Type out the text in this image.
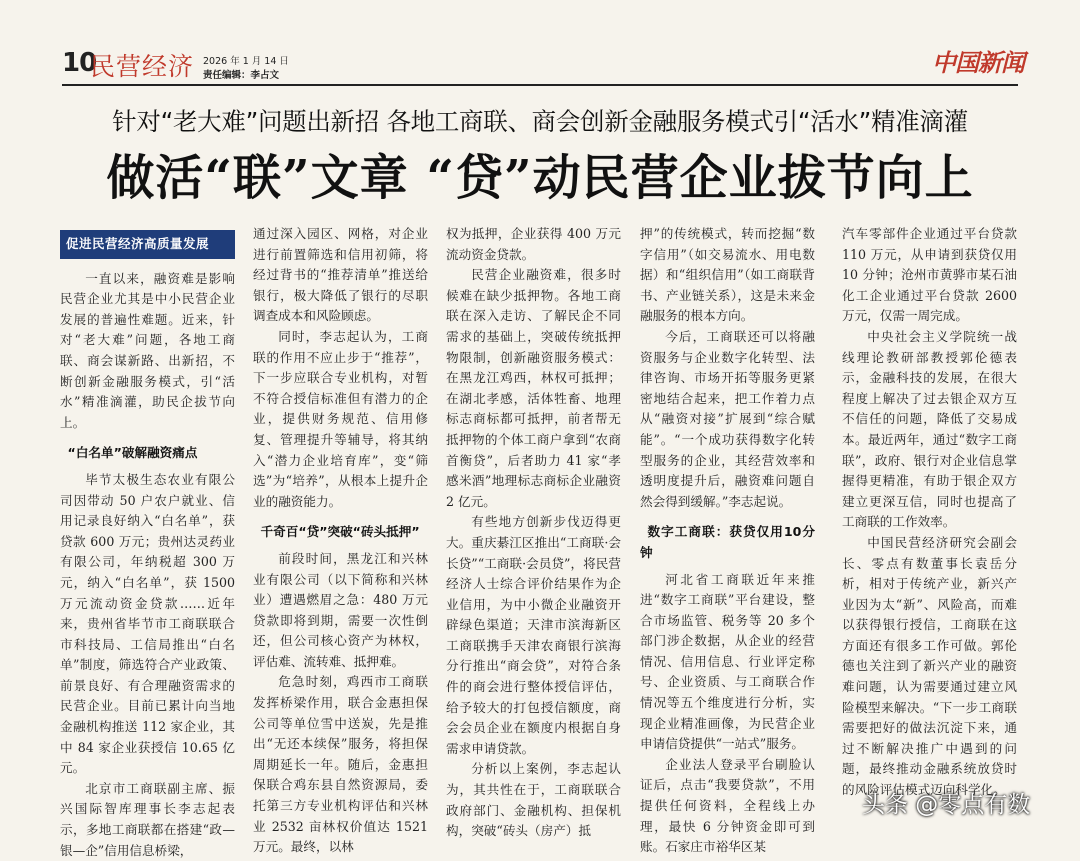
10
民营经济 2026 年 1 月 14 日
责任编辑：李占文	中国新闻
针对“老大难”问题出新招 各地工商联、商会创新金融服务模式引“活水”精准滴灌
做活“联”文章 “贷”动民营企业拔节向上
促进民营经济高质量发展

一直以来，融资难是影响民营企业尤其是中小民营企业发展的普遍性难题。近来，针对“老大难”问题，各地工商联、商会谋新路、出新招，不断创新金融服务模式，引“活水”精准滴灌，助民企拔节向上。

“白名单”破解融资痛点

毕节太极生态农业有限公司因带动 50 户农户就业、信用记录良好纳入“白名单”，获贷款 600 万元；贵州达灵药业有限公司，年纳税超 300 万元，纳入“白名单”，获 1500 万元流动资金贷款……近年来，贵州省毕节市工商联联合市科技局、工信局推出“白名单”制度，筛选符合产业政策、前景良好、有合理融资需求的民营企业。目前已累计向当地金融机构推送 112 家企业，其中 84 家企业获授信 10.65 亿元。

北京市工商联副主席、振兴国际智库理事长李志起表示，多地工商联都在搭建“政—银—企”信用信息桥梁，

通过深入园区、网格，对企业进行前置筛选和信用初筛，将经过背书的“推荐清单”推送给银行，极大降低了银行的尽职调查成本和风险顾虑。

同时，李志起认为，工商联的作用不应止步于“推荐”，下一步应联合专业机构，对暂不符合授信标准但有潜力的企业，提供财务规范、信用修复、管理提升等辅导，将其纳入“潜力企业培育库”，变“筛选”为“培养”，从根本上提升企业的融资能力。

千奇百“贷”突破“砖头抵押”

前段时间，黑龙江和兴林业有限公司（以下简称和兴林业）遭遇燃眉之急：480 万元贷款即将到期，需要一次性倒还，但公司核心资产为林权，评估难、流转难、抵押难。

危急时刻，鸡西市工商联发挥桥梁作用，联合金惠担保公司等单位雪中送炭，先是推出“无还本续保”服务，将担保周期延长一年。随后，金惠担保联合鸡东县自然资源局，委托第三方专业机构评估和兴林业 2532 亩林权价值达 1521 万元。最终，以林

权为抵押，企业获得 400 万元流动资金贷款。

民营企业融资难，很多时候难在缺少抵押物。各地工商联在深入走访、了解民企不同需求的基础上，突破传统抵押物限制，创新融资服务模式：在黑龙江鸡西，林权可抵押；在湖北孝感，活体牲畜、地理标志商标都可抵押，前者帮无抵押物的个体工商户拿到“农商首衡贷”，后者助力 41 家“孝感米酒”地理标志商标企业融资 2 亿元。

有些地方创新步伐迈得更大。重庆綦江区推出“工商联·会长贷”“工商联·会员贷”，将民营经济人士综合评价结果作为企业信用，为中小微企业融资开辟绿色渠道；天津市滨海新区工商联携手天津农商银行滨海分行推出“商会贷”，对符合条件的商会进行整体授信评估，给予较大的打包授信额度，商会会员企业在额度内根据自身需求申请贷款。

分析以上案例，李志起认为，其共性在于，工商联联合政府部门、金融机构、担保机构，突破“砖头（房产）抵

押”的传统模式，转而挖掘“数字信用”（如交易流水、用电数据）和“组织信用”（如工商联背书、产业链关系），这是未来金融服务的根本方向。

今后，工商联还可以将融资服务与企业数字化转型、法律咨询、市场开拓等服务更紧密地结合起来，把工作着力点从“融资对接”扩展到“综合赋能”。“一个成功获得数字化转型服务的企业，其经营效率和透明度提升后，融资难问题自然会得到缓解。”李志起说。

数字工商联：获贷仅用10分钟

河北省工商联近年来推进“数字工商联”平台建设，整合市场监管、税务等 20 多个部门涉企数据，从企业的经营情况、信用信息、行业评定称号、企业资质、与工商联合作情况等五个维度进行分析，实现企业精准画像，为民营企业申请信贷提供“一站式”服务。

企业法人登录平台刷脸认证后，点击“我要贷款”，不用提供任何资料，全程线上办理，最快 6 分钟资金即可到账。石家庄市裕华区某

汽车零部件企业通过平台贷款 110 万元，从申请到获贷仅用 10 分钟；沧州市黄骅市某石油化工企业通过平台贷款 2600 万元，仅需一周完成。

中央社会主义学院统一战线理论教研部教授郭伦德表示，金融科技的发展，在很大程度上解决了过去银企双方互不信任的问题，降低了交易成本。最近两年，通过“数字工商联”，政府、银行对企业信息掌握得更精准，有助于银企双方建立更深互信，同时也提高了工商联的工作效率。

中国民营经济研究会副会长、零点有数董事长袁岳分析，相对于传统产业，新兴产业因为太“新”、风险高，而难以获得银行授信，工商联在这方面还有很多工作可做。郭伦德也关注到了新兴产业的融资难问题，认为需要通过建立风险模型来解决。“下一步工商联需要把好的做法沉淀下来，通过不断解决推广中遇到的问题，最终推动金融系统放贷时的风险评估模式迈向科学化。

头条 @零点有数
